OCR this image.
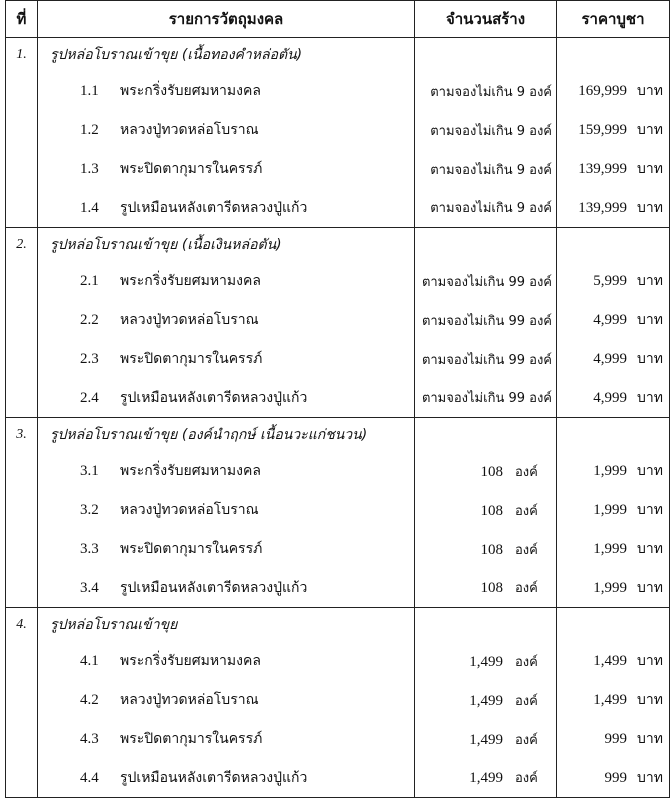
ที่	รายการวัตถุมงคล	จำนวนสร้าง	ราคาบูชา
1.	รูปหล่อโบราณเข้าขุย (เนื้อทองคำหล่อตัน)		
	1.1 พระกริ่งรับยศมหามงคล	ตามจองไม่เกิน 9 องค์	169,999 บาท
	1.2 หลวงปู่ทวดหล่อโบราณ	ตามจองไม่เกิน 9 องค์	159,999 บาท
	1.3 พระปิดตากุมารในครรภ์	ตามจองไม่เกิน 9 องค์	139,999 บาท
	1.4 รูปเหมือนหลังเตารีดหลวงปู่แก้ว	ตามจองไม่เกิน 9 องค์	139,999 บาท
2.	รูปหล่อโบราณเข้าขุย (เนื้อเงินหล่อตัน)		
	2.1 พระกริ่งรับยศมหามงคล	ตามจองไม่เกิน 99 องค์	5,999 บาท
	2.2 หลวงปู่ทวดหล่อโบราณ	ตามจองไม่เกิน 99 องค์	4,999 บาท
	2.3 พระปิดตากุมารในครรภ์	ตามจองไม่เกิน 99 องค์	4,999 บาท
	2.4 รูปเหมือนหลังเตารีดหลวงปู่แก้ว	ตามจองไม่เกิน 99 องค์	4,999 บาท
3.	รูปหล่อโบราณเข้าขุย (องค์นำฤกษ์ เนื้อนวะแก่ชนวน)		
	3.1 พระกริ่งรับยศมหามงคล	108 องค์	1,999 บาท
	3.2 หลวงปู่ทวดหล่อโบราณ	108 องค์	1,999 บาท
	3.3 พระปิดตากุมารในครรภ์	108 องค์	1,999 บาท
	3.4 รูปเหมือนหลังเตารีดหลวงปู่แก้ว	108 องค์	1,999 บาท
4.	รูปหล่อโบราณเข้าขุย		
	4.1 พระกริ่งรับยศมหามงคล	1,499 องค์	1,499 บาท
	4.2 หลวงปู่ทวดหล่อโบราณ	1,499 องค์	1,499 บาท
	4.3 พระปิดตากุมารในครรภ์	1,499 องค์	999 บาท
	4.4 รูปเหมือนหลังเตารีดหลวงปู่แก้ว	1,499 องค์	999 บาท
